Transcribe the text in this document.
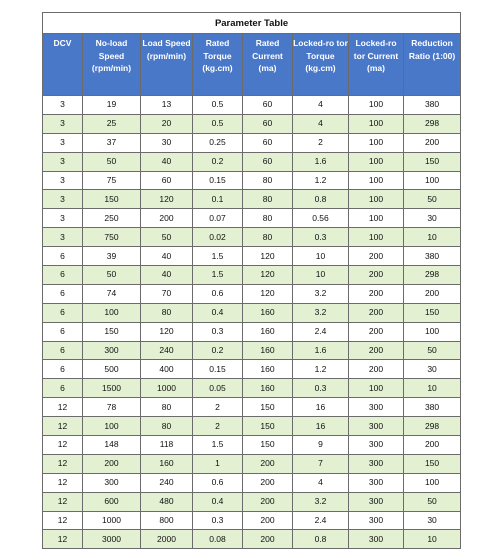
Parameter Table							
DCV	No-load Speed (rpm/min)	Load Speed (rpm/min)	Rated Torque (kg.cm)	Rated Current (ma)	Locked-ro tor Torque (kg.cm)	Locked-ro tor Current (ma)	Reduction Ratio (1:00)
3	19	13	0.5	60	4	100	380
3	25	20	0.5	60	4	100	298
3	37	30	0.25	60	2	100	200
3	50	40	0.2	60	1.6	100	150
3	75	60	0.15	80	1.2	100	100
3	150	120	0.1	80	0.8	100	50
3	250	200	0.07	80	0.56	100	30
3	750	50	0.02	80	0.3	100	10
6	39	40	1.5	120	10	200	380
6	50	40	1.5	120	10	200	298
6	74	70	0.6	120	3.2	200	200
6	100	80	0.4	160	3.2	200	150
6	150	120	0.3	160	2.4	200	100
6	300	240	0.2	160	1.6	200	50
6	500	400	0.15	160	1.2	200	30
6	1500	1000	0.05	160	0.3	100	10
12	78	80	2	150	16	300	380
12	100	80	2	150	16	300	298
12	148	118	1.5	150	9	300	200
12	200	160	1	200	7	300	150
12	300	240	0.6	200	4	300	100
12	600	480	0.4	200	3.2	300	50
12	1000	800	0.3	200	2.4	300	30
12	3000	2000	0.08	200	0.8	300	10
